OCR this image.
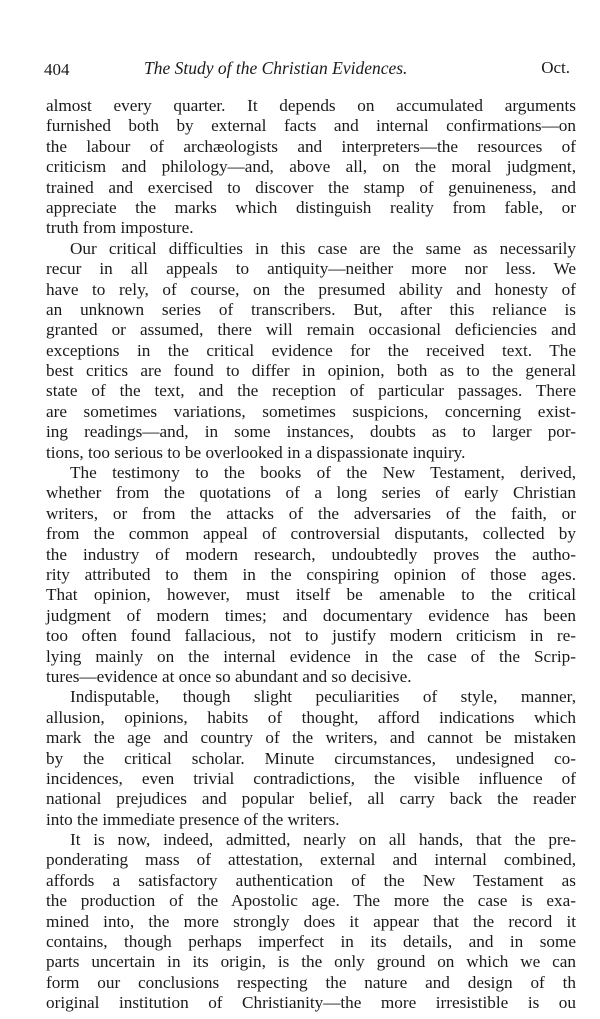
404	The Study of the Christian Evidences.	Oct.
almost every quarter. It depends on accumulated arguments
furnished both by external facts and internal confirmations—on
the labour of archæologists and interpreters—the resources of
criticism and philology—and, above all, on the moral judgment,
trained and exercised to discover the stamp of genuineness, and
appreciate the marks which distinguish reality from fable, or
truth from imposture.
Our critical difficulties in this case are the same as necessarily
recur in all appeals to antiquity—neither more nor less. We
have to rely, of course, on the presumed ability and honesty of
an unknown series of transcribers. But, after this reliance is
granted or assumed, there will remain occasional deficiencies and
exceptions in the critical evidence for the received text. The
best critics are found to differ in opinion, both as to the general
state of the text, and the reception of particular passages. There
are sometimes variations, sometimes suspicions, concerning exist-
ing readings—and, in some instances, doubts as to larger por-
tions, too serious to be overlooked in a dispassionate inquiry.
The testimony to the books of the New Testament, derived,
whether from the quotations of a long series of early Christian
writers, or from the attacks of the adversaries of the faith, or
from the common appeal of controversial disputants, collected by
the industry of modern research, undoubtedly proves the autho-
rity attributed to them in the conspiring opinion of those ages.
That opinion, however, must itself be amenable to the critical
judgment of modern times; and documentary evidence has been
too often found fallacious, not to justify modern criticism in re-
lying mainly on the internal evidence in the case of the Scrip-
tures—evidence at once so abundant and so decisive.
Indisputable, though slight peculiarities of style, manner,
allusion, opinions, habits of thought, afford indications which
mark the age and country of the writers, and cannot be mistaken
by the critical scholar. Minute circumstances, undesigned co-
incidences, even trivial contradictions, the visible influence of
national prejudices and popular belief, all carry back the reader
into the immediate presence of the writers.
It is now, indeed, admitted, nearly on all hands, that the pre-
ponderating mass of attestation, external and internal combined,
affords a satisfactory authentication of the New Testament as
the production of the Apostolic age. The more the case is exa-
mined into, the more strongly does it appear that the record it
contains, though perhaps imperfect in its details, and in some
parts uncertain in its origin, is the only ground on which we can
form our conclusions respecting the nature and design of th
original institution of Christianity—the more irresistible is ou
